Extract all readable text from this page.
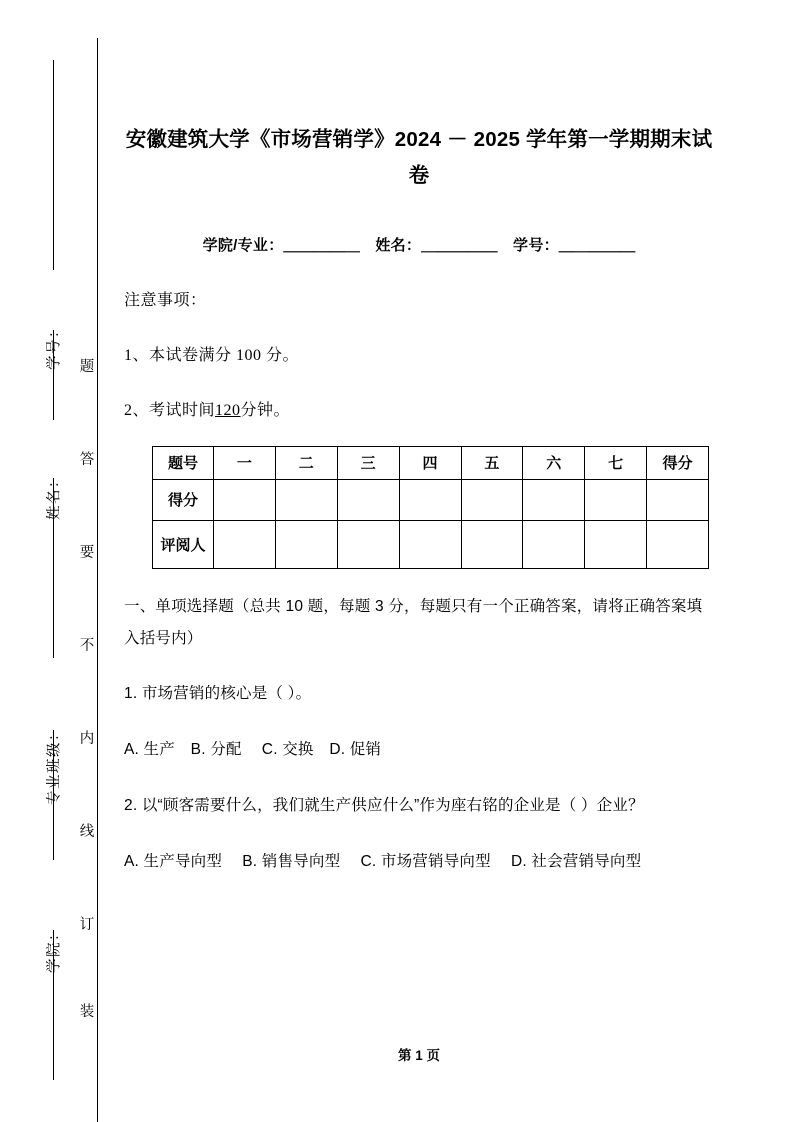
学号：
姓名：
专业班级：
学院：
题
答
要
不
内
线
订
装
安徽建筑大学《市场营销学》2024 － 2025 学年第一学期期末试卷
学院/专业：＿＿＿＿＿　姓名：＿＿＿＿＿　学号：＿＿＿＿＿
注意事项：
1、本试卷满分 100 分。
2、考试时间120分钟。
题号	一	二	三	四	五	六	七	得分
得分								
评阅人								
一、单项选择题（总共 10 题，每题 3 分，每题只有一个正确答案，请将正确答案填入括号内）
1. 市场营销的核心是（ ）。
A. 生产　B. 分配　 C. 交换　D. 促销
2. 以“顾客需要什么，我们就生产供应什么”作为座右铭的企业是（ ）企业？
A. 生产导向型　 B. 销售导向型　 C. 市场营销导向型　 D. 社会营销导向型
第 1 页
